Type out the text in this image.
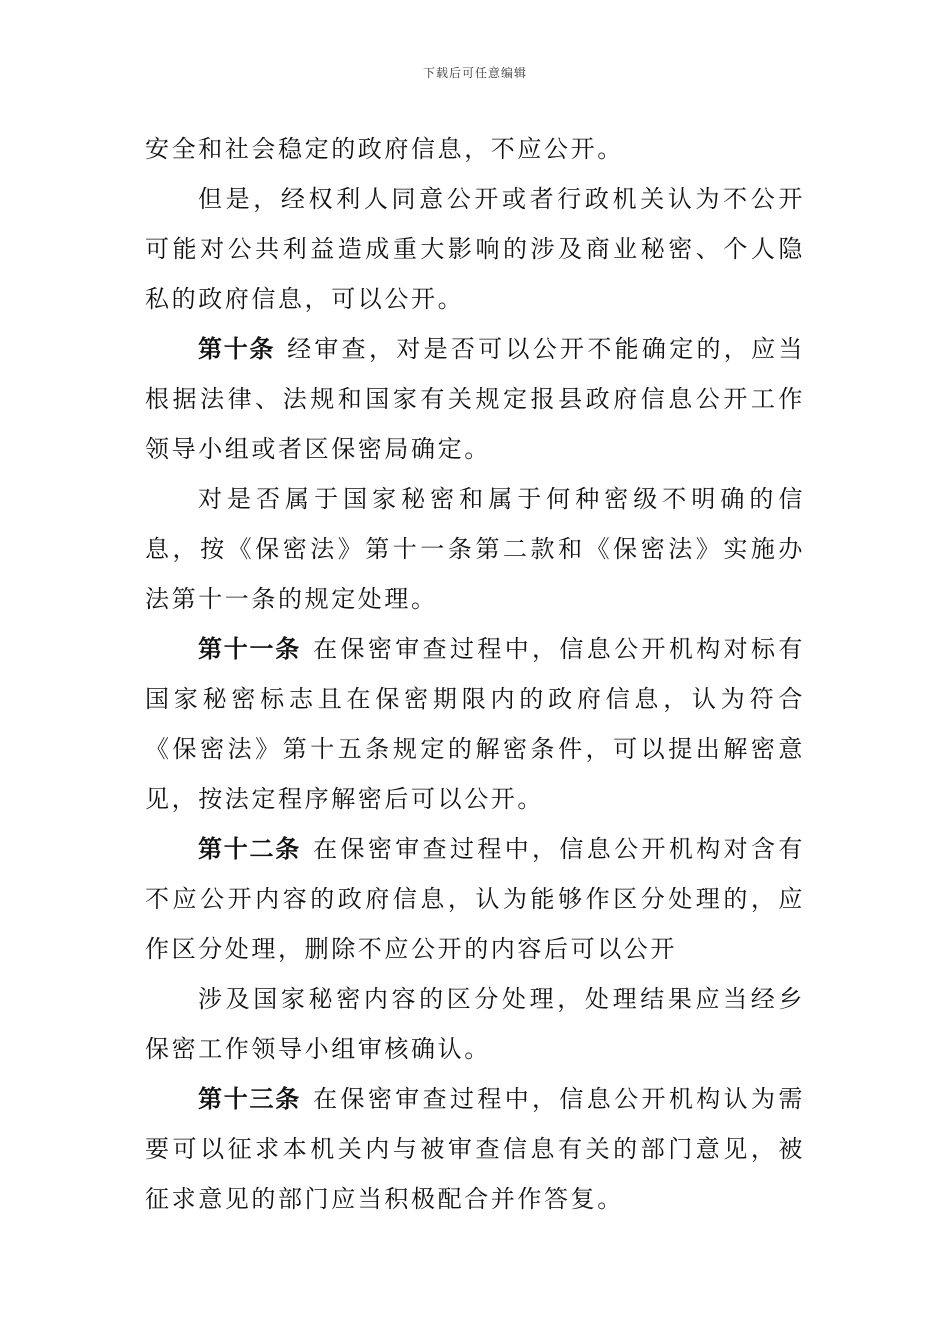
下载后可任意编辑

安全和社会稳定的政府信息，不应公开。

但是，经权利人同意公开或者行政机关认为不公开可能对公共利益造成重大影响的涉及商业秘密、个人隐私的政府信息，可以公开。

第十条 经审查，对是否可以公开不能确定的，应当根据法律、法规和国家有关规定报县政府信息公开工作领导小组或者区保密局确定。

对是否属于国家秘密和属于何种密级不明确的信息，按《保密法》第十一条第二款和《保密法》实施办法第十一条的规定处理。

第十一条 在保密审查过程中，信息公开机构对标有国家秘密标志且在保密期限内的政府信息，认为符合《保密法》第十五条规定的解密条件，可以提出解密意见，按法定程序解密后可以公开。

第十二条 在保密审查过程中，信息公开机构对含有不应公开内容的政府信息，认为能够作区分处理的，应作区分处理，删除不应公开的内容后可以公开

涉及国家秘密内容的区分处理，处理结果应当经乡保密工作领导小组审核确认。

第十三条 在保密审查过程中，信息公开机构认为需要可以征求本机关内与被审查信息有关的部门意见，被征求意见的部门应当积极配合并作答复。
